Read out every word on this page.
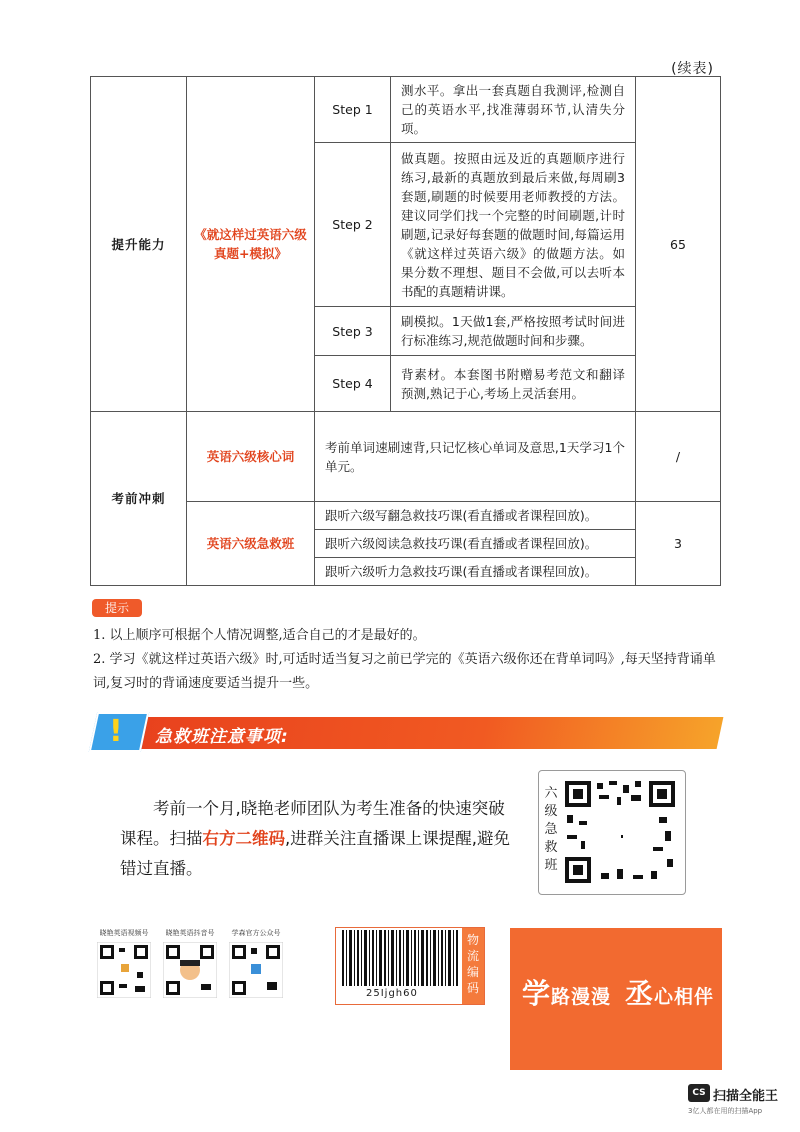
(续表)
提升能力	《就这样过英语六级真题+模拟》	Step 1	测水平。拿出一套真题自我测评,检测自己的英语水平,找准薄弱环节,认清失分项。	65
		Step 2	做真题。按照由远及近的真题顺序进行练习,最新的真题放到最后来做,每周刷3套题,刷题的时候要用老师教授的方法。建议同学们找一个完整的时间刷题,计时刷题,记录好每套题的做题时间,每篇运用《就这样过英语六级》的做题方法。如果分数不理想、题目不会做,可以去听本书配的真题精讲课。	
		Step 3	刷模拟。1天做1套,严格按照考试时间进行标准练习,规范做题时间和步骤。	
		Step 4	背素材。本套图书附赠易考范文和翻译预测,熟记于心,考场上灵活套用。	
考前冲刺	英语六级核心词	考前单词速刷速背,只记忆核心单词及意思,1天学习1个单元。		/
	英语六级急救班	跟听六级写翻急救技巧课(看直播或者课程回放)。		3
		跟听六级阅读急救技巧课(看直播或者课程回放)。		
		跟听六级听力急救技巧课(看直播或者课程回放)。		
提示

1. 以上顺序可根据个人情况调整,适合自己的才是最好的。

2. 学习《就这样过英语六级》时,可适时适当复习之前已学完的《英语六级你还在背单词吗》,每天坚持背诵单词,复习时的背诵速度要适当提升一些。

! 急救班注意事项:
考前一个月,晓艳老师团队为考生准备的快速突破课程。扫描右方二维码,进群关注直播课上课提醒,避免错过直播。
六级急救班
晓艳英语视频号	晓艳英语抖音号	学森官方公众号
25Ijgh60
物流编码 学路漫漫 丞心相伴
CS 扫描全能王
3亿人都在用的扫描App
